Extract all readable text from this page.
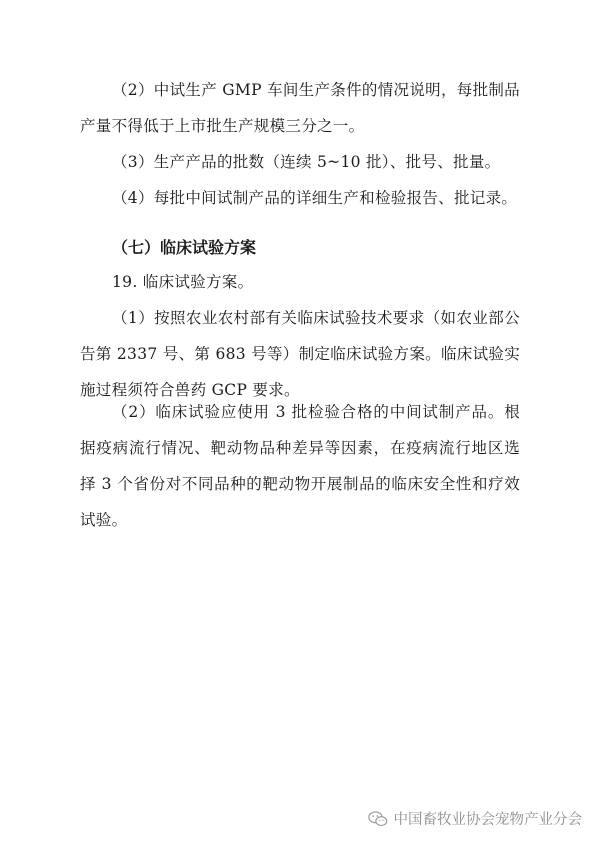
（2）中试生产 GMP 车间生产条件的情况说明，每批制品产量不得低于上市批生产规模三分之一。

（3）生产产品的批数（连续 5~10 批）、批号、批量。

（4）每批中间试制产品的详细生产和检验报告、批记录。

（七）临床试验方案

19. 临床试验方案。

（1）按照农业农村部有关临床试验技术要求（如农业部公告第 2337 号、第 683 号等）制定临床试验方案。临床试验实施过程须符合兽药 GCP 要求。

（2）临床试验应使用 3 批检验合格的中间试制产品。根据疫病流行情况、靶动物品种差异等因素，在疫病流行地区选择 3 个省份对不同品种的靶动物开展制品的临床安全性和疗效试验。

中国畜牧业协会宠物产业分会
